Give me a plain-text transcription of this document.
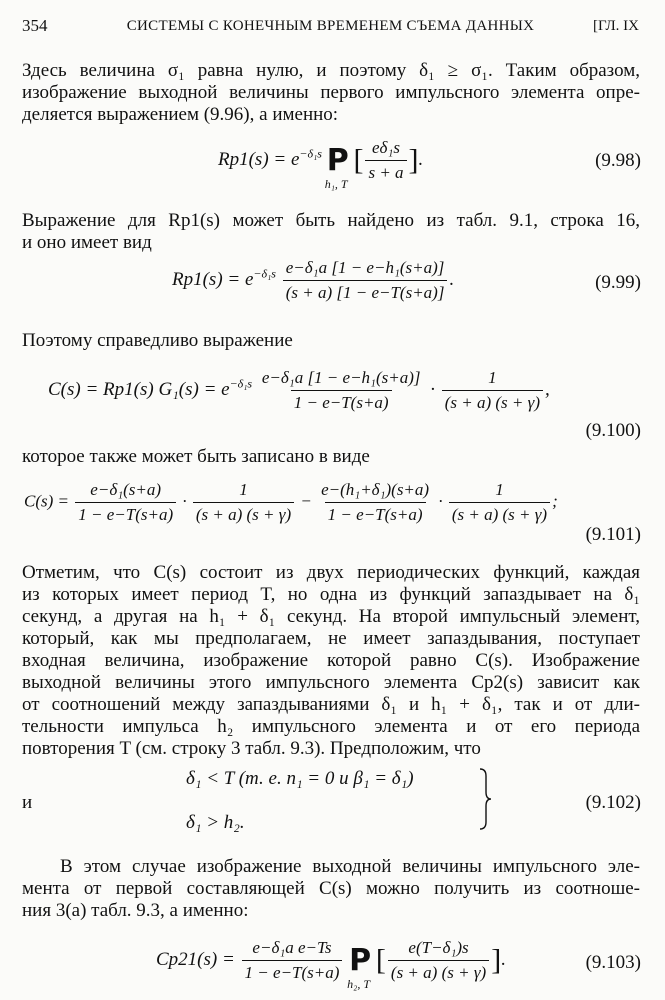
354	СИСТЕМЫ С КОНЕЧНЫМ ВРЕМЕНЕМ СЪЕМА ДАННЫХ	[ГЛ. IX
Здесь величина σ₁ равна нулю, и поэтому δ₁ ≥ σ₁. Таким образом,
изображение выходной величины первого импульсного элемента опре-
деляется выражением (9.96), а именно:
$Rp1(s) = e^{-\delta_1s}$ P
h₁, T
[ $\frac{\text{eδ₁s}}{s + a}$ ].	(9.98)
Выражение для Rp1(s) может быть найдено из табл. 9.1, строка 16,
и оно имеет вид
$Rp1(s) = e^{-\delta_1s} \frac{\text{e−δ₁a [1 − e−h₁(s+a)]}}{(s + a) [1 - e-T(s+a)]}$ .	(9.99)
Поэтому справедливо выражение
C(s) = Rp1(s) $G_1(s) = e^{-\delta_1s} \frac{\text{e−δ₁a [1 − e−h₁(s+a)]}}{1 - e-T(s+a)} \cdot \frac{1}{(s + a) (s + \gamma)}$ ,
(9.100)
которое также может быть записано в виде
$C(s) = \frac{\text{e−δ₁(s+a)}}{1 - e-T(s+a)} \cdot \frac{1}{(s + a) (s + \gamma)} - \frac{\text{e−(h₁+δ₁)(s+a)}}{1 - e-T(s+a)} \cdot \frac{1}{(s + a) (s + \gamma)}$ ;
(9.101)
Отметим, что C(s) состоит из двух периодических функций, каждая
из которых имеет период T, но одна из функций запаздывает на δ₁
секунд, а другая на h₁ + δ₁ секунд. На второй импульсный элемент,
который, как мы предполагаем, не имеет запаздывания, поступает
входная величина, изображение которой равно C(s). Изображение
выходной величины этого импульсного элемента Cp2(s) зависит как
от соотношений между запаздываниями δ₁ и h₁ + δ₁, так и от дли-
тельности импульса h₂ импульсного элемента и от его периода
повторения T (см. строку 3 табл. 9.3). Предположим, что
и
δ₁ < T (т. е. n₁ = 0 и β₁ = δ₁)
δ₁ > h₂.
(9.102)
В этом случае изображение выходной величины импульсного эле-
мента от первой составляющей C(s) можно получить из соотноше-
ния 3(а) табл. 9.3, а именно:
$Cp21(s) = \frac{\text{e−δ₁a e−Ts}}{1 - e-T(s+a)}$ P
h₂, T
[ $\frac{\text{e(T−δ₁)s}}{(s + a) (s + \gamma)}$ ].	(9.103)
